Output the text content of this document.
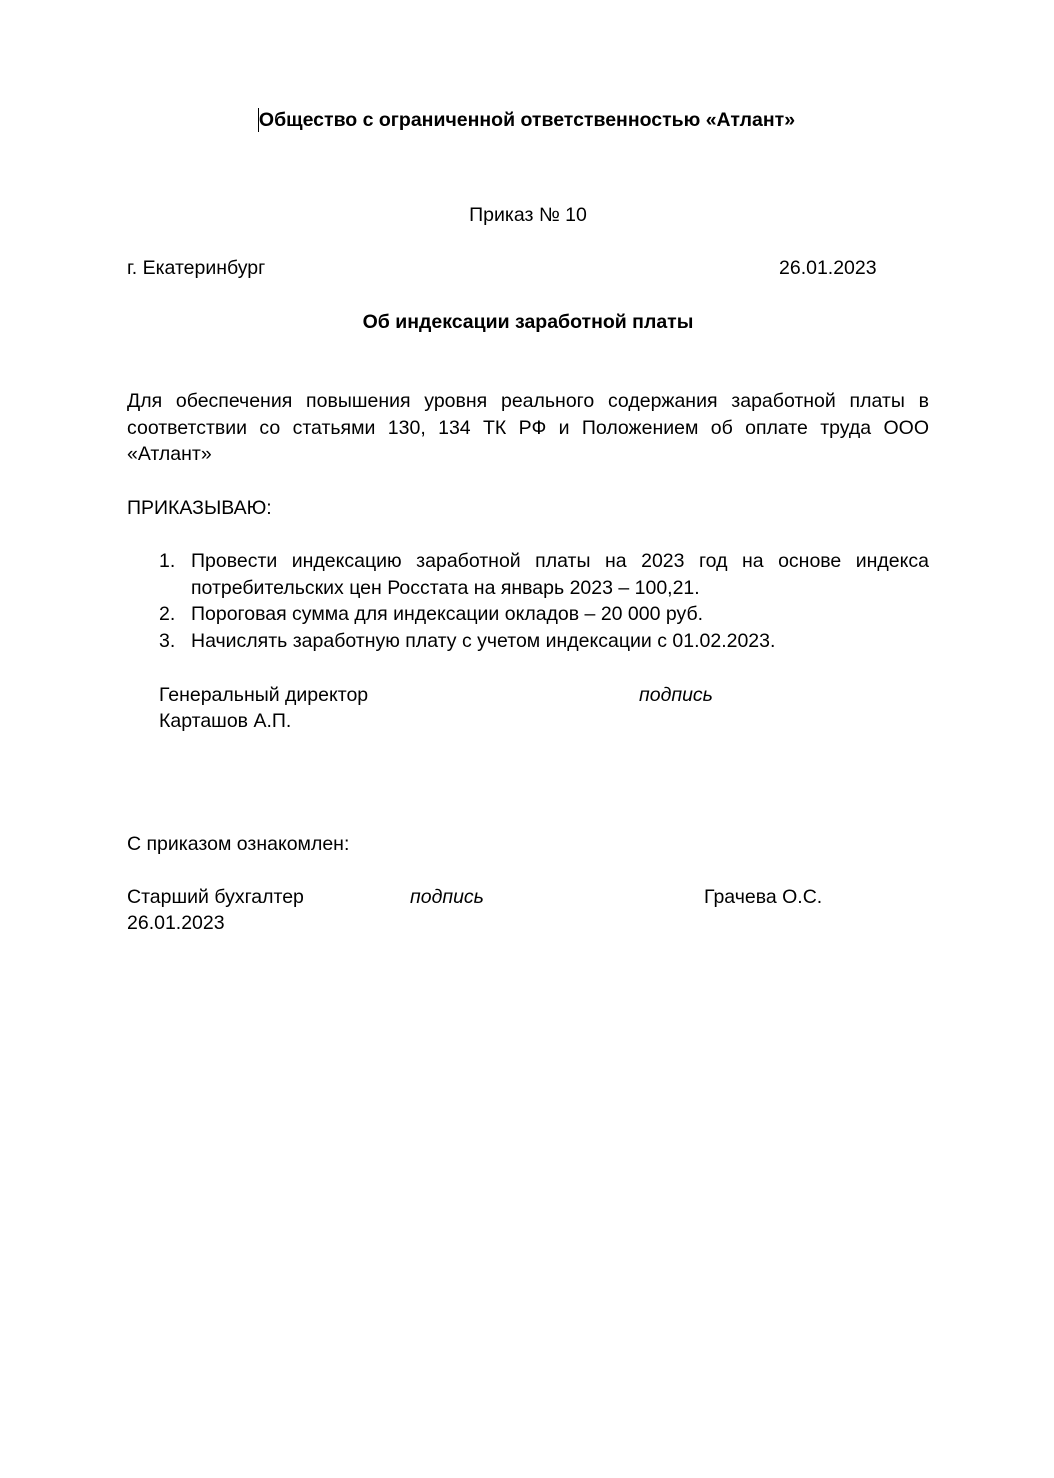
Общество с ограниченной ответственностью «Атлант»
Приказ № 10
г. Екатеринбург	26.01.2023
Об индексации заработной платы
Для обеспечения повышения уровня реального содержания заработной платы в
соответствии со статьями 130, 134 ТК РФ и Положением об оплате труда ООО
«Атлант»
ПРИКАЗЫВАЮ:
1. Провести индексацию заработной платы на 2023 год на основе индекса
потребительских цен Росстата на январь 2023 – 100,21.
2. Пороговая сумма для индексации окладов – 20 000 руб.
3. Начислять заработную плату с учетом индексации с 01.02.2023.
Генеральный директор
Карташов А.П.
подпись
С приказом ознакомлен:
Старший бухгалтер	подпись	Грачева О.С.
26.01.2023
